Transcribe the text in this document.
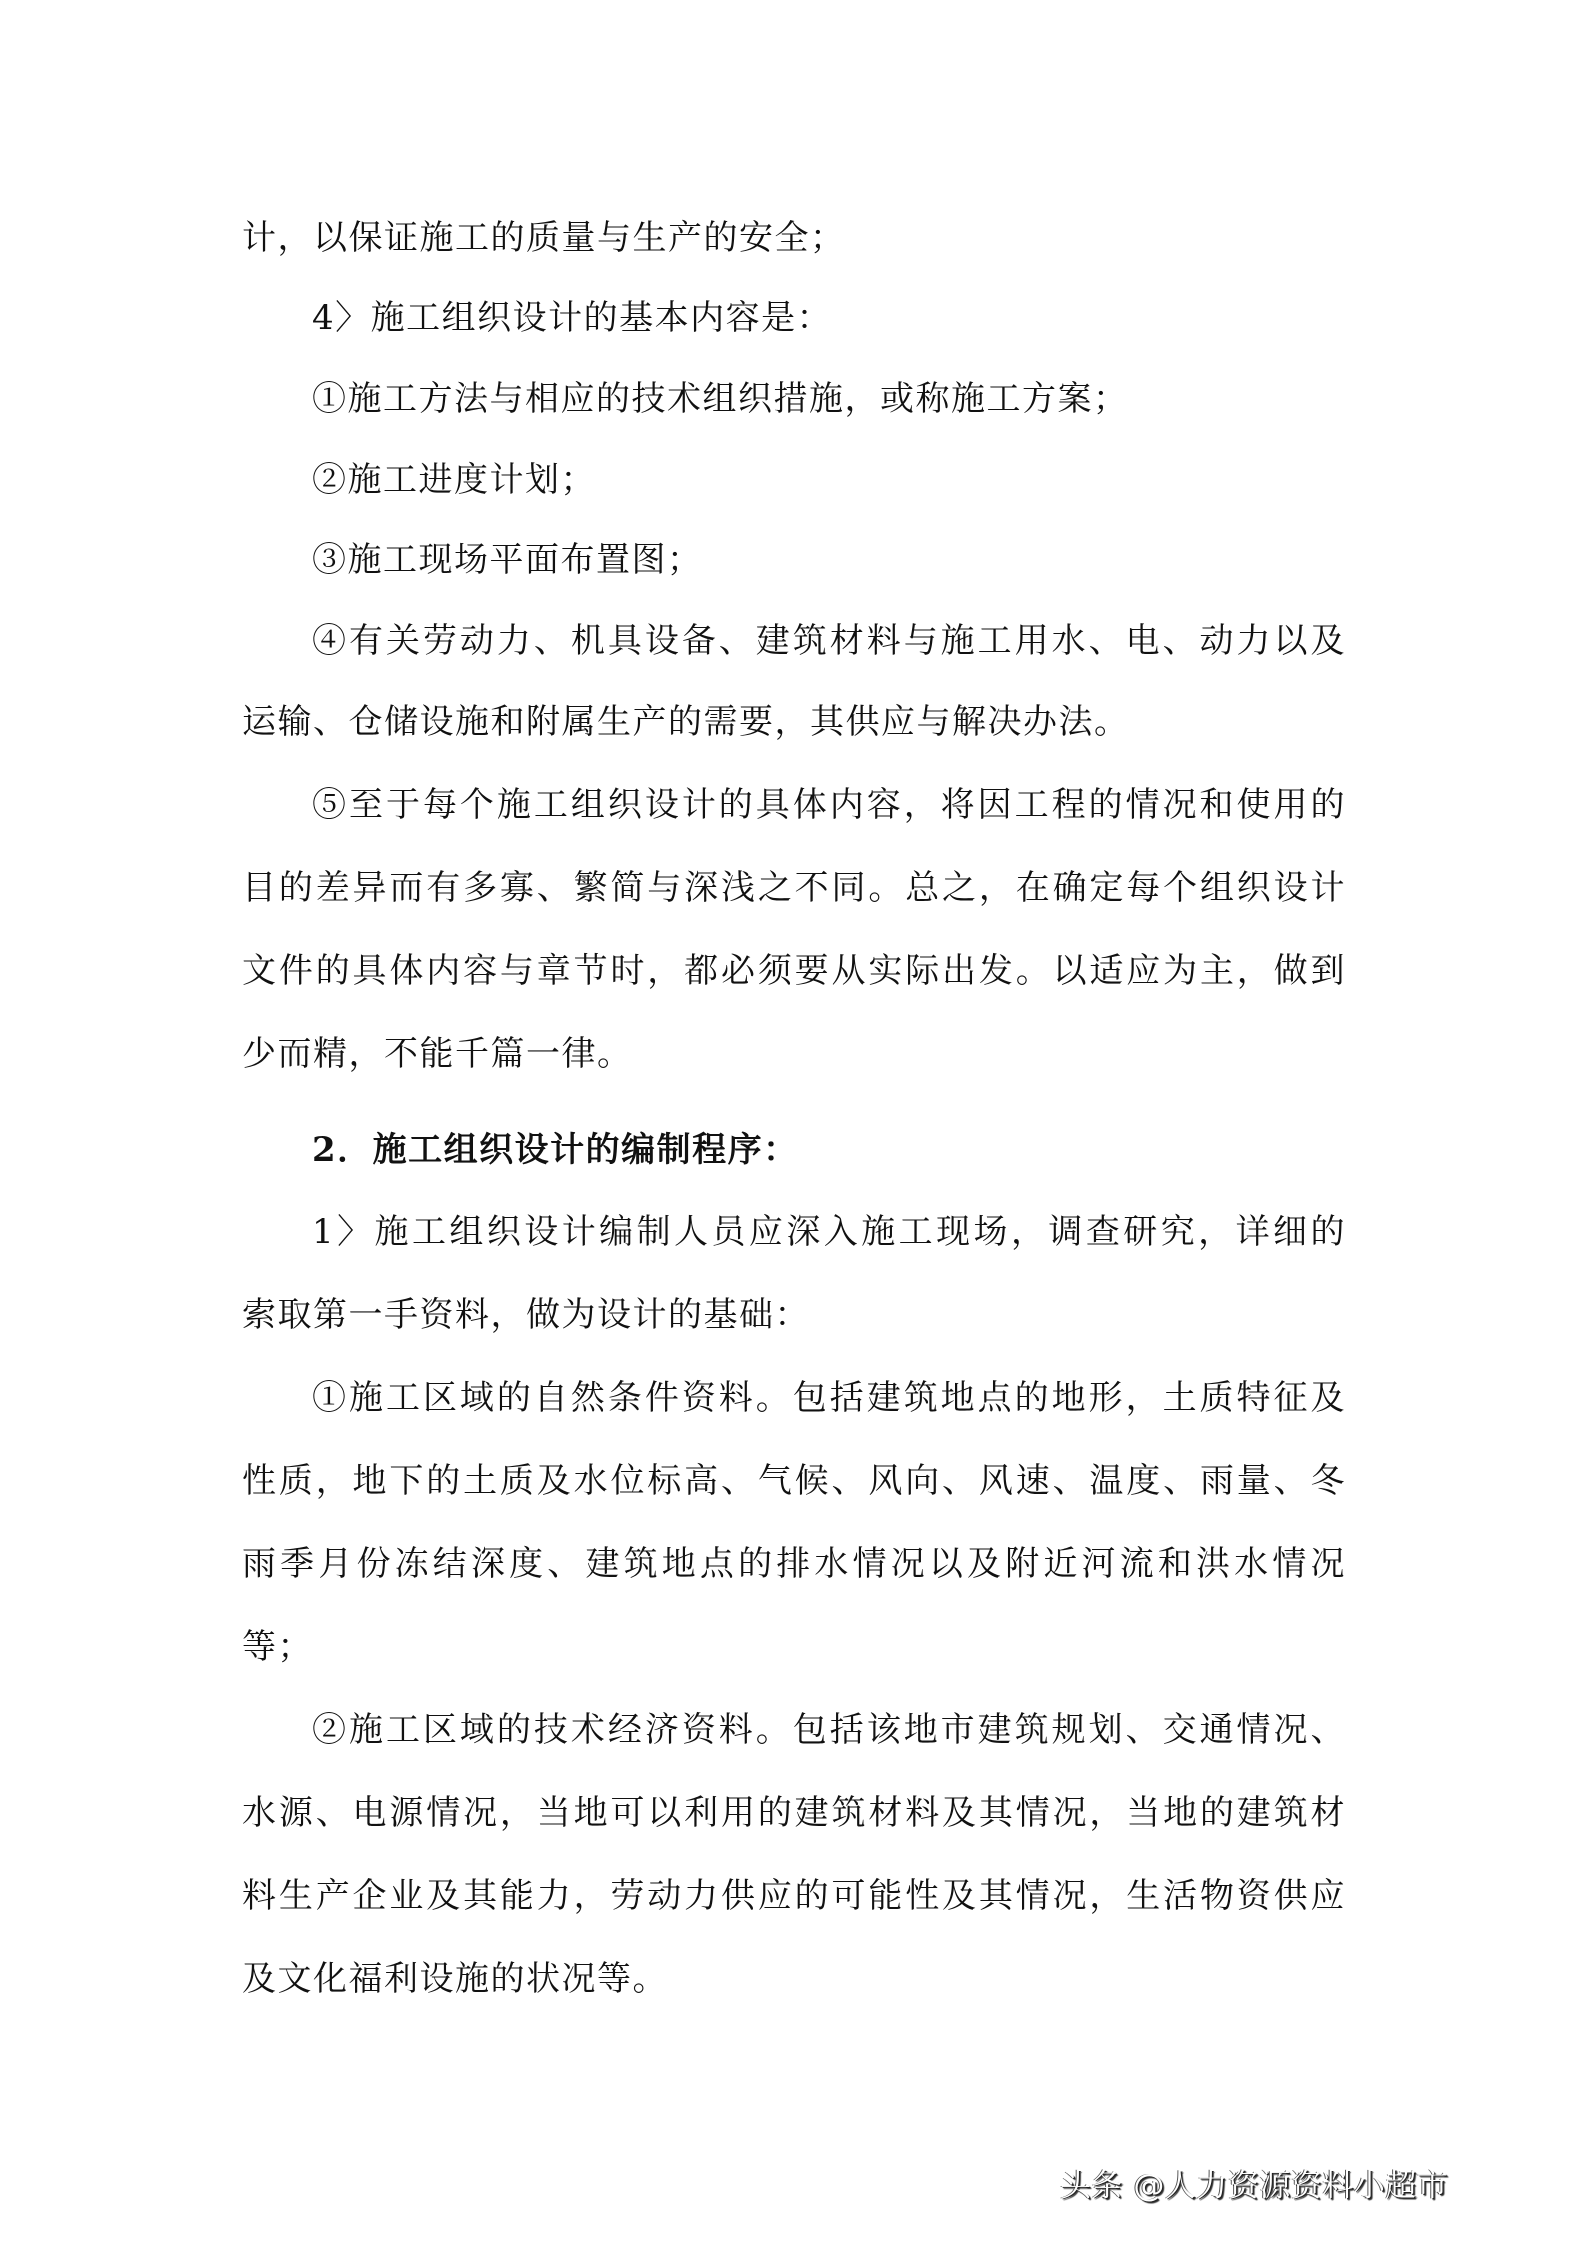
计，以保证施工的质量与生产的安全；
4〉施工组织设计的基本内容是：
①施工方法与相应的技术组织措施，或称施工方案；
②施工进度计划；
③施工现场平面布置图；
④有关劳动力、机具设备、建筑材料与施工用水、电、动力以及
运输、仓储设施和附属生产的需要，其供应与解决办法。
⑤至于每个施工组织设计的具体内容，将因工程的情况和使用的
目的差异而有多寡、繁简与深浅之不同。总之，在确定每个组织设计
文件的具体内容与章节时，都必须要从实际出发。以适应为主，做到
少而精，不能千篇一律。
2．施工组织设计的编制程序：
1〉施工组织设计编制人员应深入施工现场，调查研究，详细的
索取第一手资料，做为设计的基础：
①施工区域的自然条件资料。包括建筑地点的地形，土质特征及
性质，地下的土质及水位标高、气候、风向、风速、温度、雨量、冬
雨季月份冻结深度、建筑地点的排水情况以及附近河流和洪水情况
等；
②施工区域的技术经济资料。包括该地市建筑规划、交通情况、
水源、电源情况，当地可以利用的建筑材料及其情况，当地的建筑材
料生产企业及其能力，劳动力供应的可能性及其情况，生活物资供应
及文化福利设施的状况等。
头条 @人力资源资料小超市
